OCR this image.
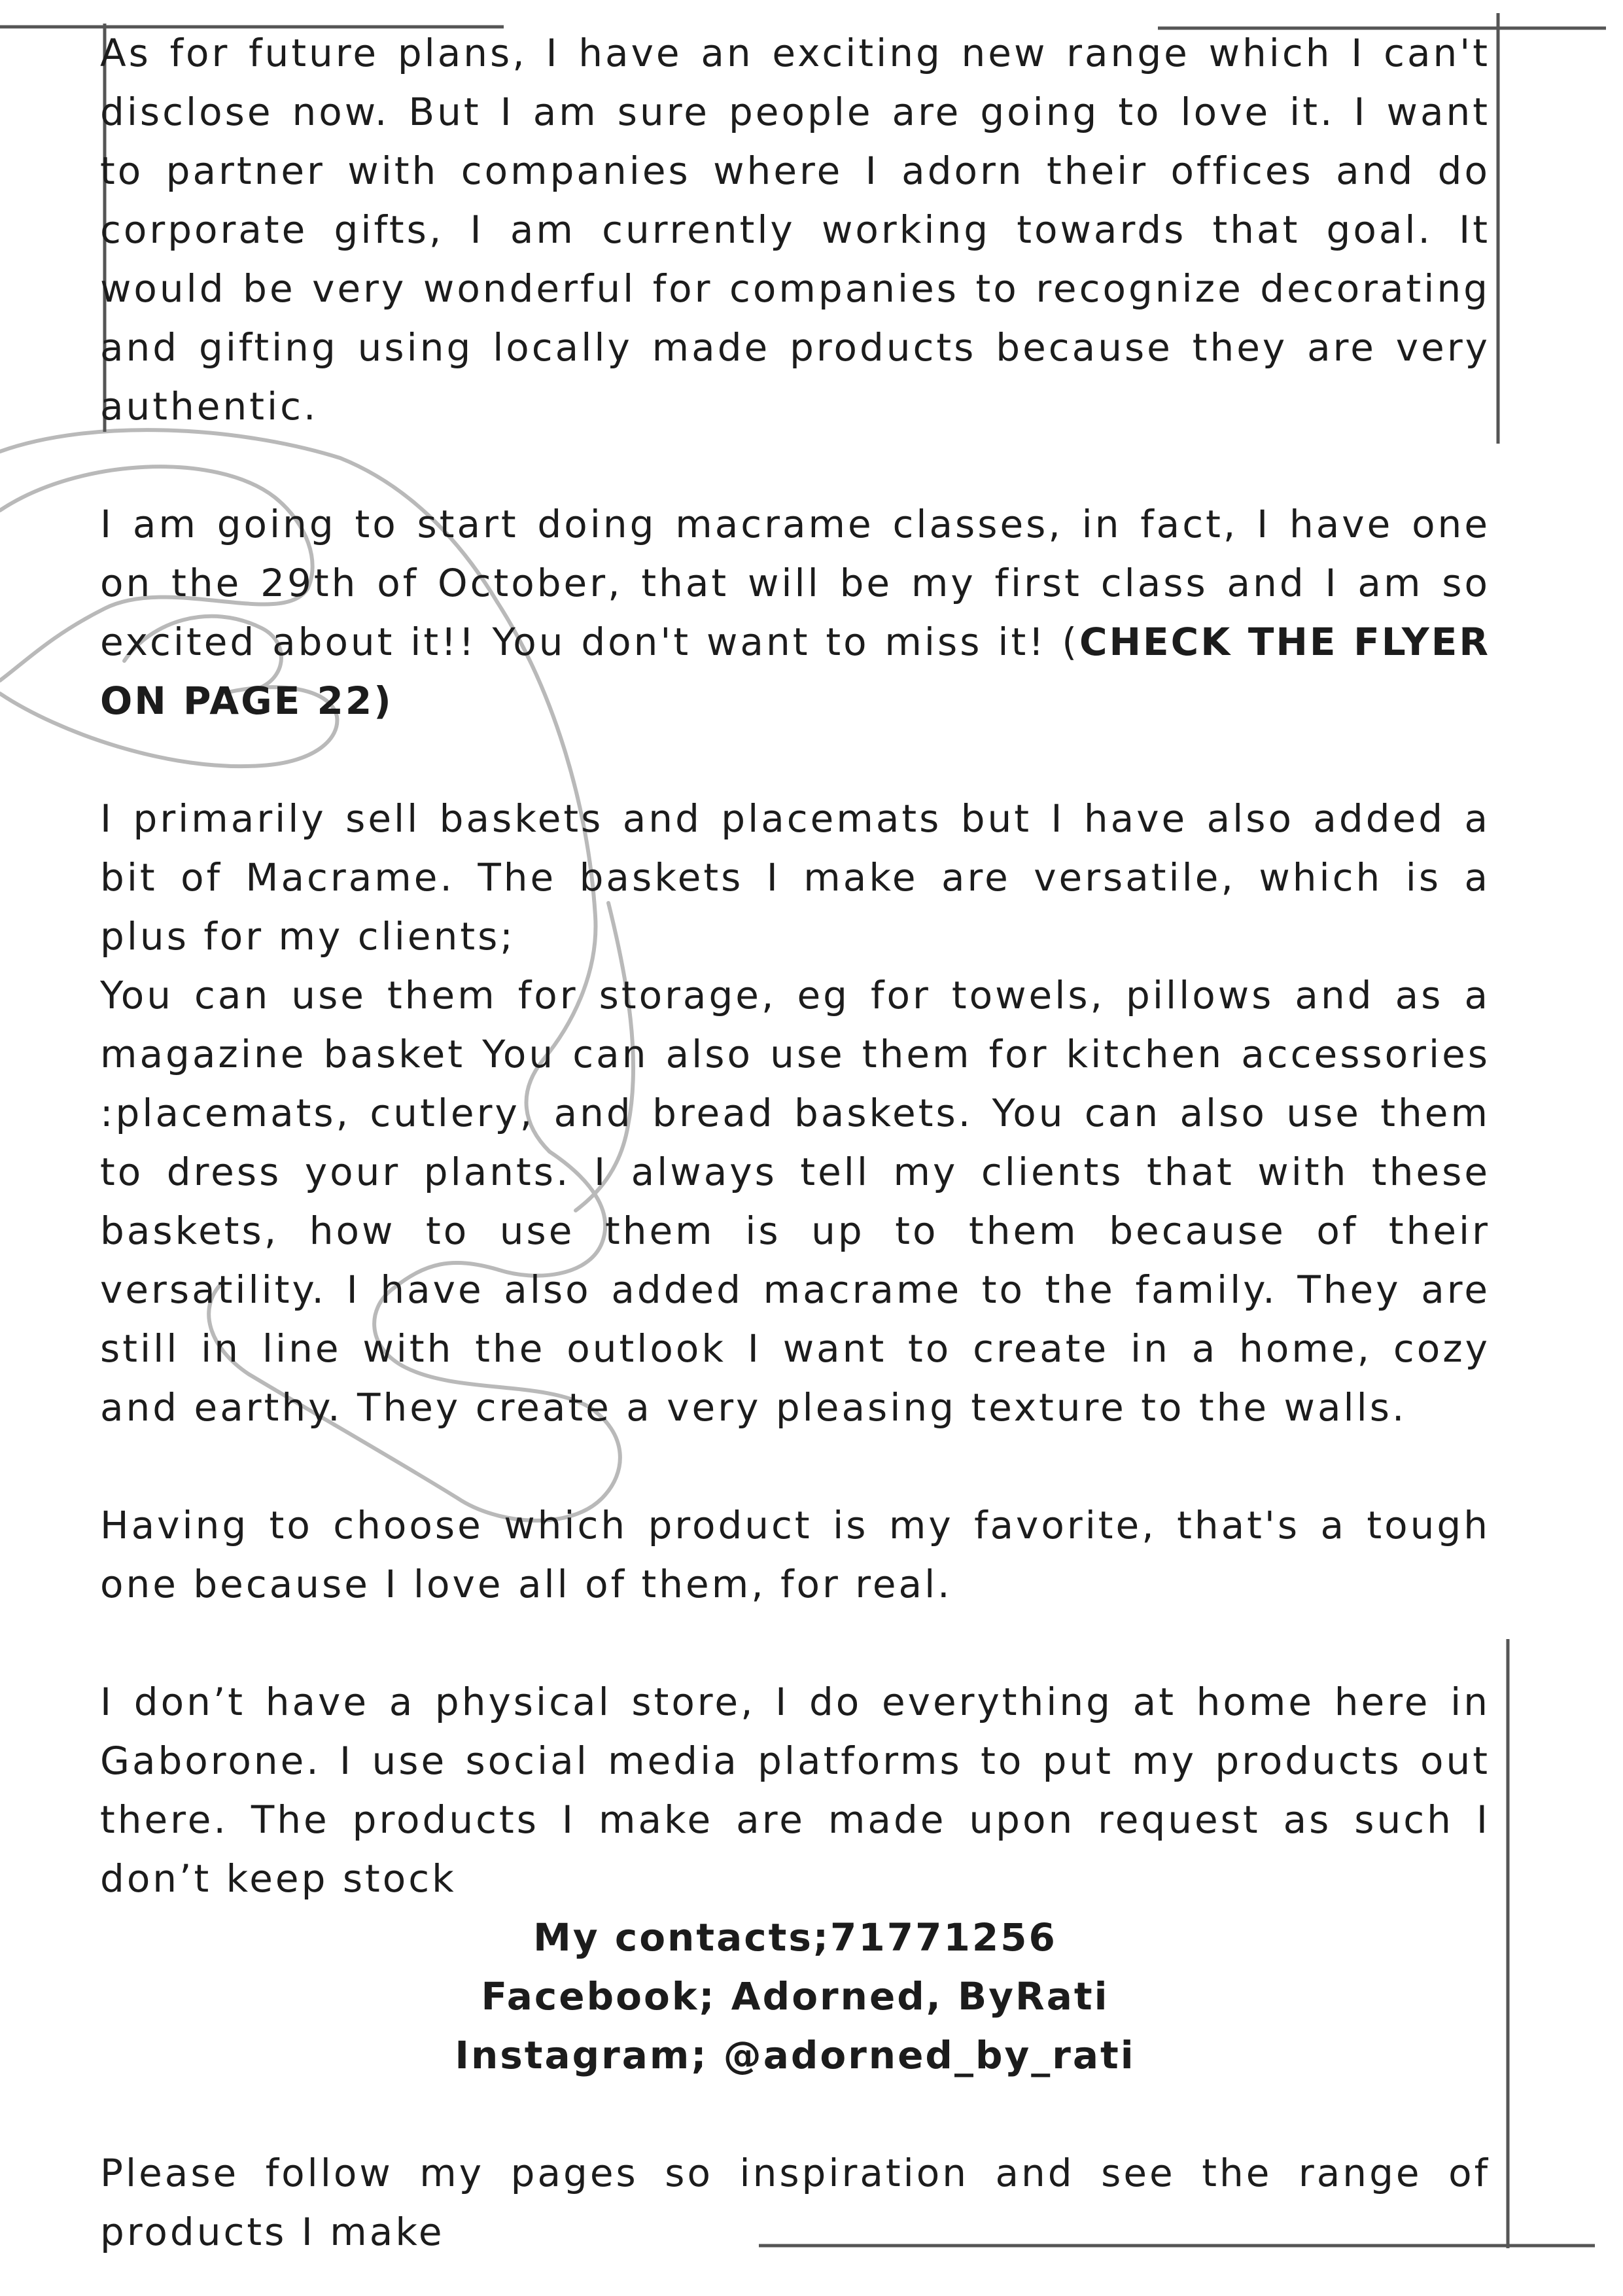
As for future plans, I have an exciting new range which I can't disclose now. But I am sure people are going to love it. I want to partner with companies where I adorn their offices and do corporate gifts, I am currently working towards that goal. It would be very wonderful for companies to recognize decorating and gifting using locally made products because they are very authentic.

I am going to start doing macrame classes, in fact, I have one on the 29th of October, that will be my first class and I am so excited about it!! You don't want to miss it! (CHECK THE FLYER ON PAGE 22)

I primarily sell baskets and placemats but I have also added a bit of Macrame. The baskets I make are versatile, which is a plus for my clients;

You can use them for storage, eg for towels, pillows and as a magazine basket You can also use them for kitchen accessories :placemats, cutlery, and bread baskets. You can also use them to dress your plants. I always tell my clients that with these baskets, how to use them is up to them because of their versatility. I have also added macrame to the family. They are still in line with the outlook I want to create in a home, cozy and earthy. They create a very pleasing texture to the walls.

Having to choose which product is my favorite, that's a tough one because I love all of them, for real.

I don’t have a physical store, I do everything at home here in Gaborone. I use social media platforms to put my products out there. The products I make are made upon request as such I don’t keep stock

My contacts;71771256
Facebook; Adorned, ByRati
Instagram; @adorned_by_rati

Please follow my pages so inspiration and see the range of products I make
